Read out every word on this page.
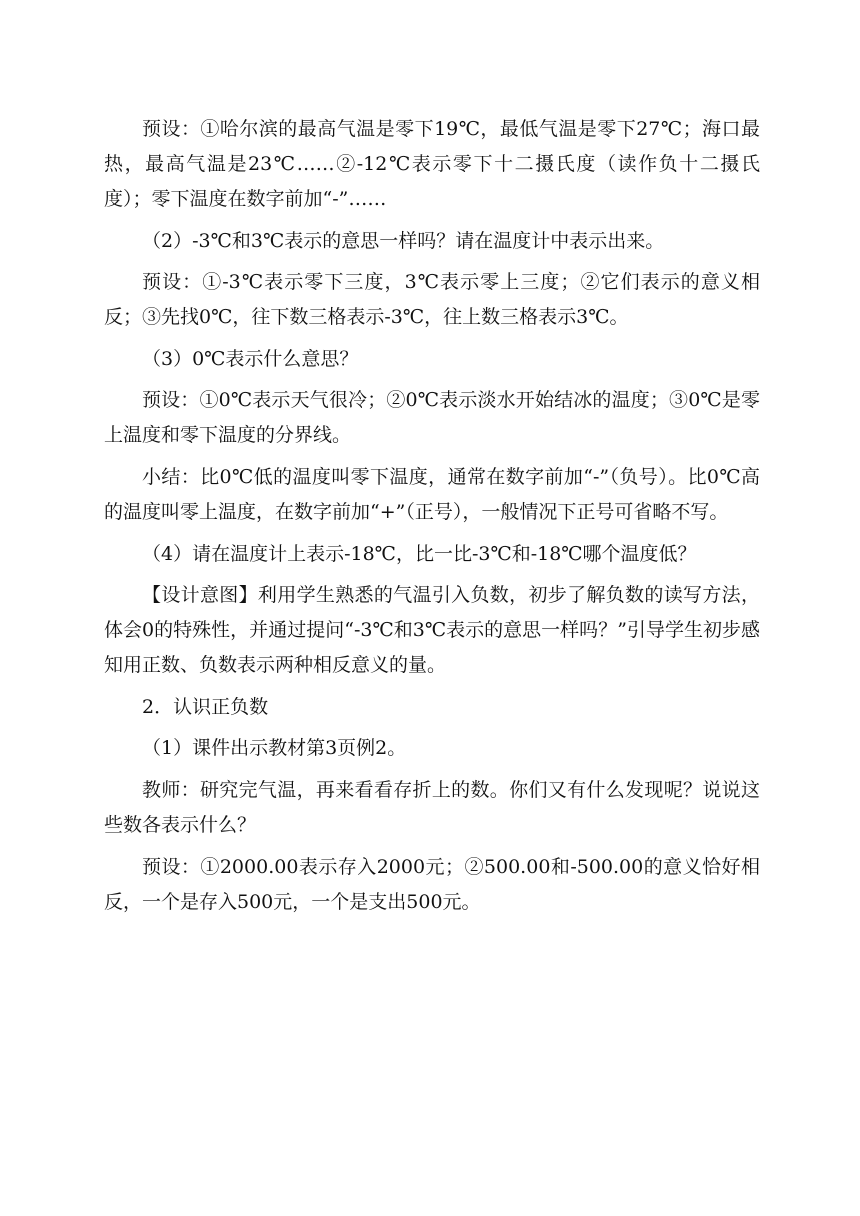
预设：①哈尔滨的最高气温是零下19℃，最低气温是零下27℃；海口最热，最高气温是23℃……②-12℃表示零下十二摄氏度（读作负十二摄氏度）；零下温度在数字前加“-”……

（2）-3℃和3℃表示的意思一样吗？请在温度计中表示出来。

预设：①-3℃表示零下三度，3℃表示零上三度；②它们表示的意义相反；③先找0℃，往下数三格表示-3℃，往上数三格表示3℃。

（3）0℃表示什么意思？

预设：①0℃表示天气很冷；②0℃表示淡水开始结冰的温度；③0℃是零上温度和零下温度的分界线。

小结：比0℃低的温度叫零下温度，通常在数字前加“-”（负号）。比0℃高的温度叫零上温度，在数字前加“+”（正号），一般情况下正号可省略不写。

（4）请在温度计上表示-18℃，比一比-3℃和-18℃哪个温度低？

【设计意图】利用学生熟悉的气温引入负数，初步了解负数的读写方法，体会0的特殊性，并通过提问“-3℃和3℃表示的意思一样吗？”引导学生初步感知用正数、负数表示两种相反意义的量。

2．认识正负数

（1）课件出示教材第3页例2。

教师：研究完气温，再来看看存折上的数。你们又有什么发现呢？说说这些数各表示什么？

预设：①2000.00表示存入2000元；②500.00和-500.00的意义恰好相反，一个是存入500元，一个是支出500元。
